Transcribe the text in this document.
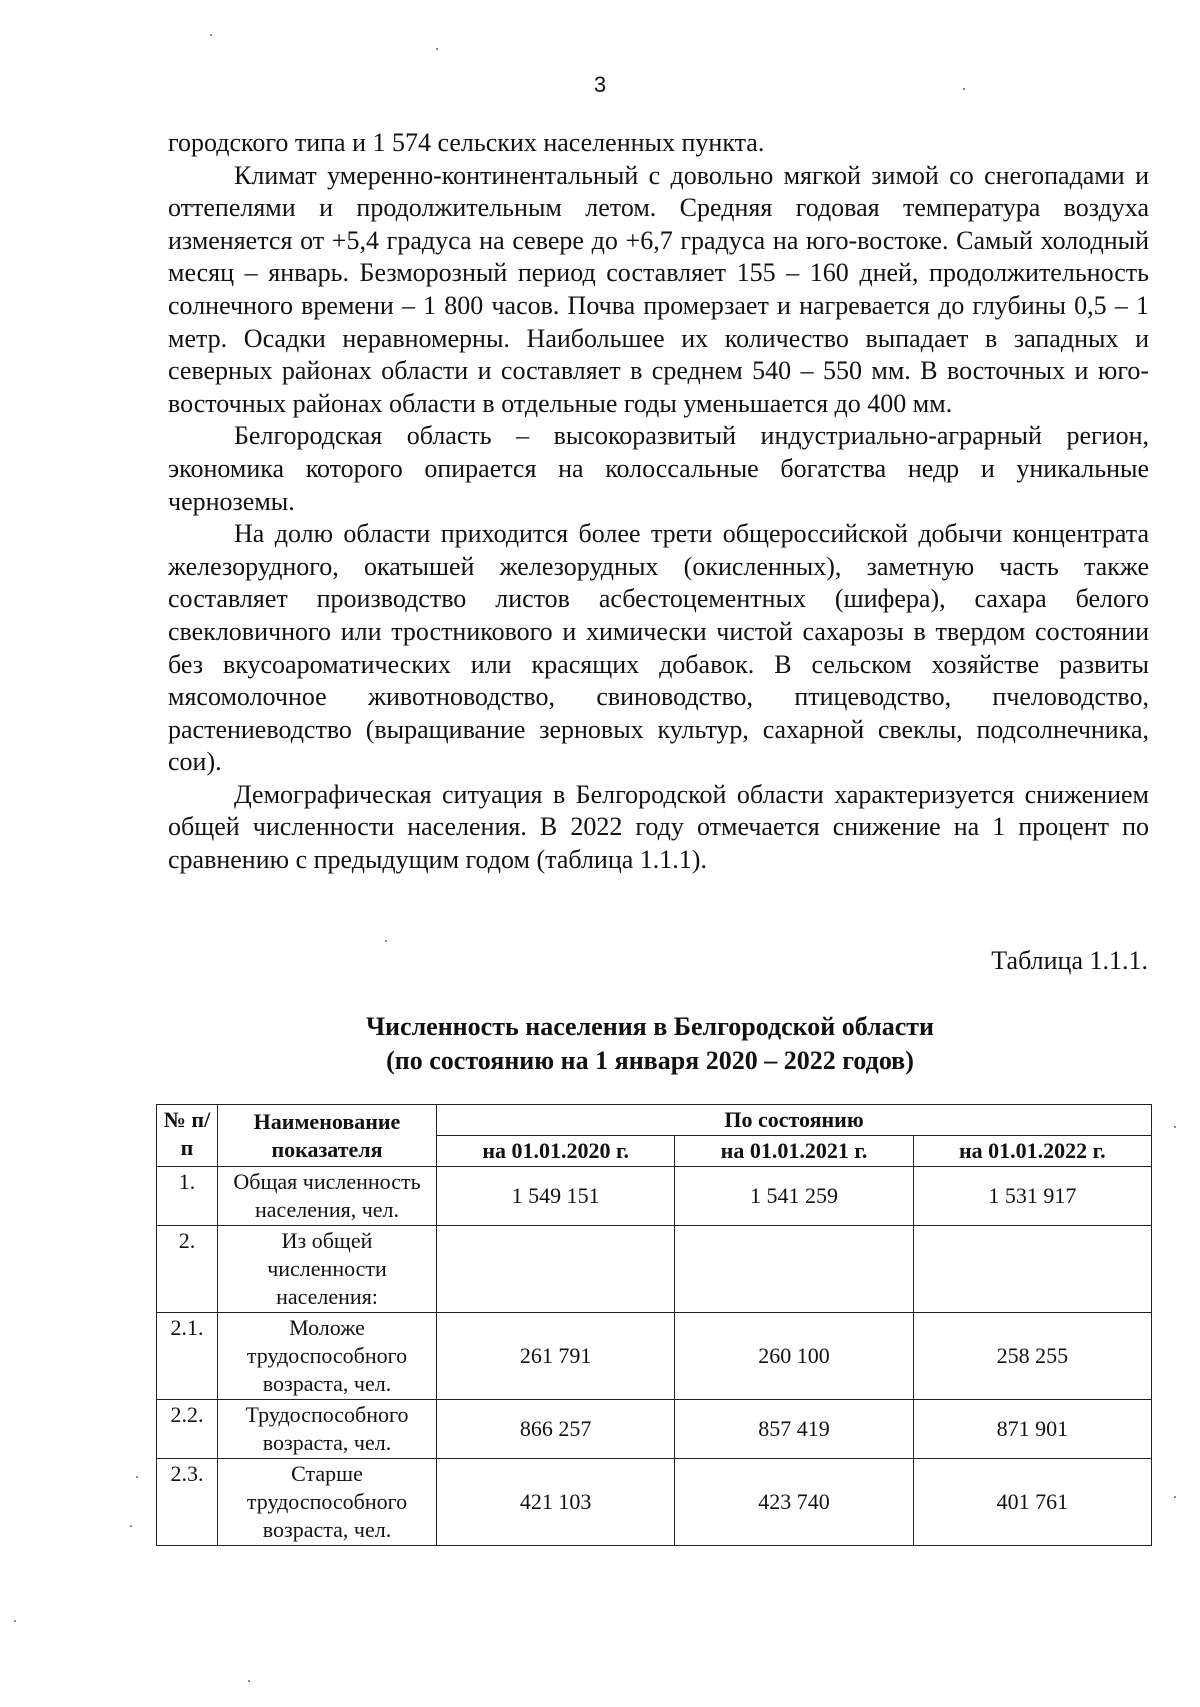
3

городского типа и 1 574 сельских населенных пункта.

Климат умеренно-континентальный с довольно мягкой зимой со снегопадами и оттепелями и продолжительным летом. Средняя годовая температура воздуха изменяется от +5,4 градуса на севере до +6,7 градуса на юго-востоке. Самый холодный месяц – январь. Безморозный период составляет 155 – 160 дней, продолжительность солнечного времени – 1 800 часов. Почва промерзает и нагревается до глубины 0,5 – 1 метр. Осадки неравномерны. Наибольшее их количество выпадает в западных и северных районах области и составляет в среднем 540 – 550 мм. В восточных и юго-восточных районах области в отдельные годы уменьшается до 400 мм.

Белгородская область – высокоразвитый индустриально-аграрный регион, экономика которого опирается на колоссальные богатства недр и уникальные черноземы.

На долю области приходится более трети общероссийской добычи концентрата железорудного, окатышей железорудных (окисленных), заметную часть также составляет производство листов асбестоцементных (шифера), сахара белого свекловичного или тростникового и химически чистой сахарозы в твердом состоянии без вкусоароматических или красящих добавок. В сельском хозяйстве развиты мясомолочное животноводство, свиноводство, птицеводство, пчеловодство, растениеводство (выращивание зерновых культур, сахарной свеклы, подсолнечника, сои).

Демографическая ситуация в Белгородской области характеризуется снижением общей численности населения. В 2022 году отмечается снижение на 1 процент по сравнению с предыдущим годом (таблица 1.1.1).

Таблица 1.1.1.
Численность населения в Белгородской области
(по состоянию на 1 января 2020 – 2022 годов)
№ п/п	Наименование показателя	По состоянию		
		на 01.01.2020 г.	на 01.01.2021 г.	на 01.01.2022 г.
1.	Общая численность населения, чел.	1 549 151	1 541 259	1 531 917
2.	Из общей численности населения:			
2.1.	Моложе трудоспособного возраста, чел.	261 791	260 100	258 255
2.2.	Трудоспособного возраста, чел.	866 257	857 419	871 901
2.3.	Старше трудоспособного возраста, чел.	421 103	423 740	401 761
